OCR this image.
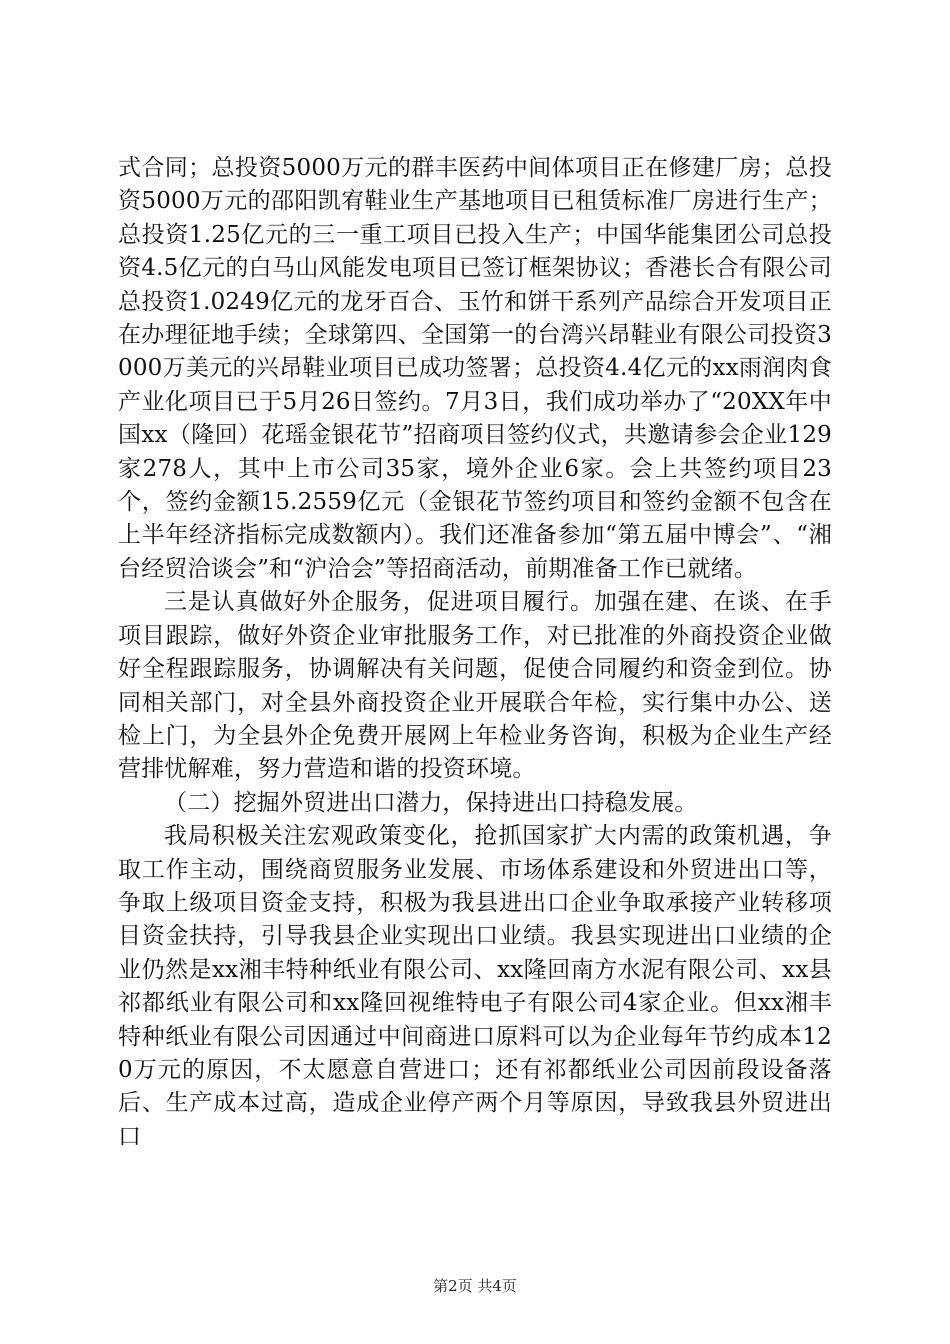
式合同；总投资5000万元的群丰医药中间体项目正在修建厂房；总投资5000万元的邵阳凯宥鞋业生产基地项目已租赁标准厂房进行生产；总投资1.25亿元的三一重工项目已投入生产；中国华能集团公司总投资4.5亿元的白马山风能发电项目已签订框架协议；香港长合有限公司总投资1.0249亿元的龙牙百合、玉竹和饼干系列产品综合开发项目正在办理征地手续；全球第四、全国第一的台湾兴昂鞋业有限公司投资3000万美元的兴昂鞋业项目已成功签署；总投资4.4亿元的xx雨润肉食产业化项目已于5月26日签约。7月3日，我们成功举办了“20XX年中国xx（隆回）花瑶金银花节”招商项目签约仪式，共邀请参会企业129家278人，其中上市公司35家，境外企业6家。会上共签约项目23个，签约金额15.2559亿元（金银花节签约项目和签约金额不包含在上半年经济指标完成数额内）。我们还准备参加“第五届中博会”、“湘台经贸洽谈会”和“沪洽会”等招商活动，前期准备工作已就绪。

三是认真做好外企服务，促进项目履行。加强在建、在谈、在手项目跟踪，做好外资企业审批服务工作，对已批准的外商投资企业做好全程跟踪服务，协调解决有关问题，促使合同履约和资金到位。协同相关部门，对全县外商投资企业开展联合年检，实行集中办公、送检上门，为全县外企免费开展网上年检业务咨询，积极为企业生产经营排忧解难，努力营造和谐的投资环境。

（二）挖掘外贸进出口潜力，保持进出口持稳发展。

我局积极关注宏观政策变化，抢抓国家扩大内需的政策机遇，争取工作主动，围绕商贸服务业发展、市场体系建设和外贸进出口等，争取上级项目资金支持，积极为我县进出口企业争取承接产业转移项目资金扶持，引导我县企业实现出口业绩。我县实现进出口业绩的企业仍然是xx湘丰特种纸业有限公司、xx隆回南方水泥有限公司、xx县祁都纸业有限公司和xx隆回视维特电子有限公司4家企业。但xx湘丰特种纸业有限公司因通过中间商进口原料可以为企业每年节约成本120万元的原因，不太愿意自营进口；还有祁都纸业公司因前段设备落后、生产成本过高，造成企业停产两个月等原因，导致我县外贸进出口

第2页 共4页
